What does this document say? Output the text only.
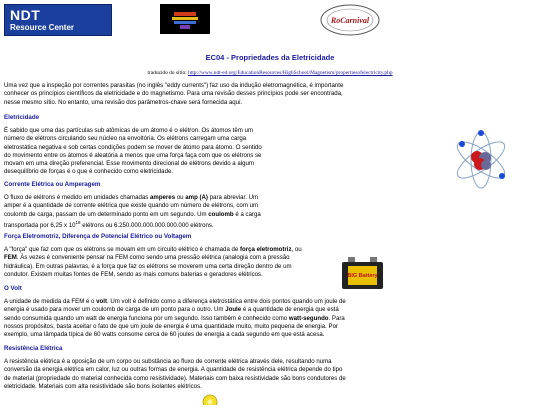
NDT
Resource Center
RoCarnival
EC04 - Propriedades da Eletricidade
traduzido do sítio: http://www.ndt-ed.org/EducationResources/HighSchool/Magnetism/propertiesofelectricity.php
Uma vez que a inspeção por correntes parasitas (no inglês "eddy currents") faz uso da indução eletromagnética, é importante
conhecer os princípios científicos da eletricidade e do magnetismo. Para uma revisão desses princípios pode ser encontrada,
nesse mesmo sítio. No entanto, uma revisão dos parâmetros-chave será fornecida aqui.
Eletricidade
É sabido que uma das partículas sub atômicas de um átomo é o elétron. Os átomos têm um
número de elétrons circulando seu núcleo na envoltória. Os elétrons carregam uma carga
eletrostática negativa e sob certas condições podem se mover de átomo para átomo. O sentido
do movimento entre os átomos é aleatória a menos que uma força faça com que os elétrons se
movam em uma direção preferencial. Esse movimento direcional de elétrons devido a algum
desequilíbrio de forças é o que é conhecido como eletricidade.
Corrente Elétrica ou Amperagem
O fluxo de elétrons é medido em unidades chamadas amperes ou amp (A) para abreviar. Um
amper é a quantidade de corrente elétrica que existe quando um número de elétrons, com um
coulomb de carga, passam de um determinado ponto em um segundo. Um coulomb é a carga
transportada por 6,25 x $10^{18}$ elétrons ou 6.250.000.000.000.000.000 elétrons.
Força Eletromotriz, Diferença de Potencial Elétrico ou Voltagem
A "força" que faz com que os elétrons se movam em um circuito elétrico é chamada de força eletromotriz, ou
FEM. Às vezes é conveniente pensar na FEM como sendo uma pressão elétrica (analogia com a pressão
hidráulica). Em outras palavras, é a força que faz os elétrons se moverem uma certa direção dentro de um
condutor. Existem muitas fontes de FEM, sendo as mais comuns baterias e geradores elétricos.	BIG Battery
O Volt
A unidade de medida da FEM é o volt. Um volt é definido como a diferença eletrostática entre dois pontos quando um joule de
energia é usado para mover um coulomb de carga de um ponto para o outro. Um Joule é a quantidade de energia que está
sendo consumida quando um watt de energia funciona por um segundo. Isso também é conhecido como watt-segundo. Para
nossos propósitos, basta aceitar o fato de que um joule de energia é uma quantidade muito, muito pequena de energia. Por
exemplo, uma lâmpada típica de 60 watts consome cerca de 60 joules de energia a cada segundo em que está acesa.
Resistência Elétrica
A resistência elétrica é a oposição de um corpo ou substância ao fluxo de corrente elétrica através dele, resultando numa
conversão da energia elétrica em calor, luz ou outras formas de energia. A quantidade de resistência elétrica depende do tipo
de material (propriedade do material conhecida como resistividade). Materiais com baixa resistividade são bons condutores de
eletricidade. Materiais com alta resistividade são bons isolantes elétricos.
